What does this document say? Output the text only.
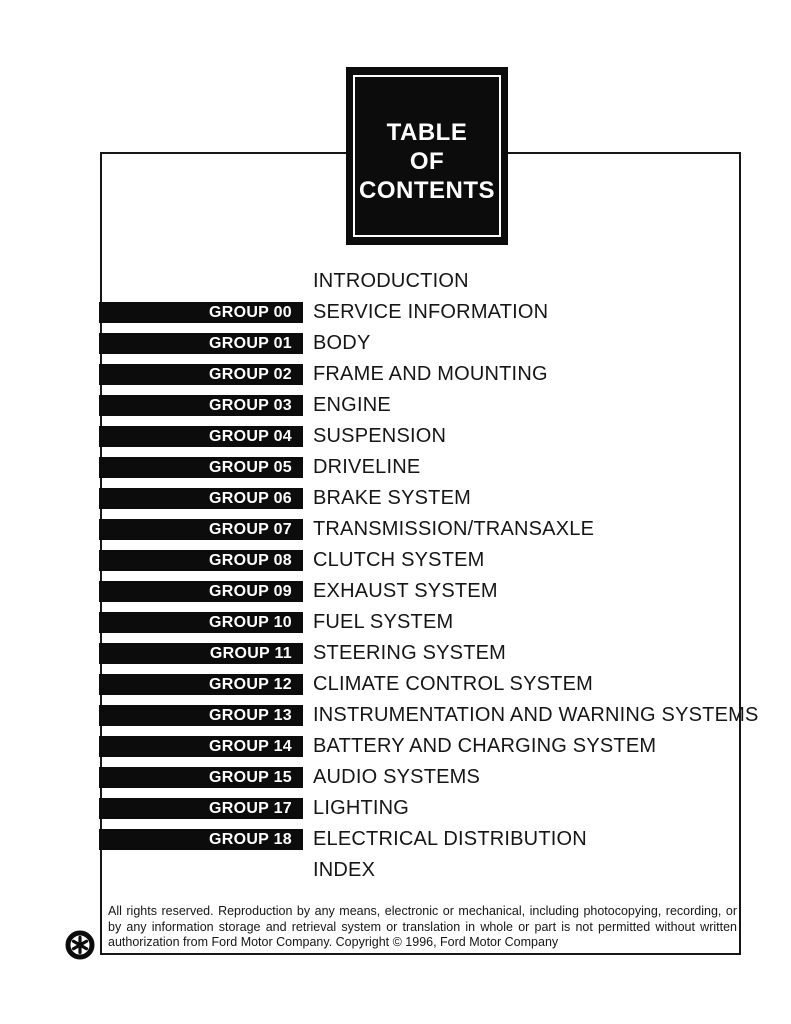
TABLE
OF
CONTENTS
INTRODUCTION
GROUP 00	SERVICE INFORMATION
GROUP 01	BODY
GROUP 02	FRAME AND MOUNTING
GROUP 03	ENGINE
GROUP 04	SUSPENSION
GROUP 05	DRIVELINE
GROUP 06	BRAKE SYSTEM
GROUP 07	TRANSMISSION/TRANSAXLE
GROUP 08	CLUTCH SYSTEM
GROUP 09	EXHAUST SYSTEM
GROUP 10	FUEL SYSTEM
GROUP 11	STEERING SYSTEM
GROUP 12	CLIMATE CONTROL SYSTEM
GROUP 13	INSTRUMENTATION AND WARNING SYSTEMS
GROUP 14	BATTERY AND CHARGING SYSTEM
GROUP 15	AUDIO SYSTEMS
GROUP 17	LIGHTING
GROUP 18	ELECTRICAL DISTRIBUTION
INDEX
All rights reserved. Reproduction by any means, electronic or mechanical, including photocopying, recording, or by any information storage and retrieval system or translation in whole or part is not permitted without written authorization from Ford Motor Company. Copyright © 1996, Ford Motor Company
